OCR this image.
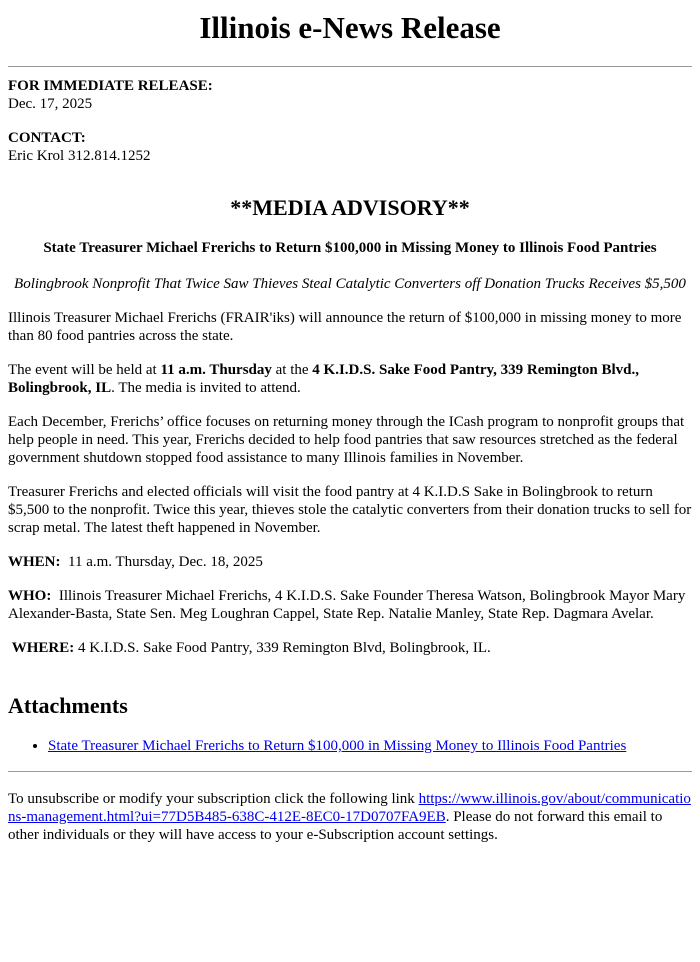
Illinois e-News Release

FOR IMMEDIATE RELEASE:
Dec. 17, 2025

CONTACT:
Eric Krol 312.814.1252

**MEDIA ADVISORY**
State Treasurer Michael Frerichs to Return $100,000 in Missing Money to Illinois Food Pantries

Bolingbrook Nonprofit That Twice Saw Thieves Steal Catalytic Converters off Donation Trucks Receives $5,500

Illinois Treasurer Michael Frerichs (FRAIR'iks) will announce the return of $100,000 in missing money to more than 80 food pantries across the state.

The event will be held at 11 a.m. Thursday at the 4 K.I.D.S. Sake Food Pantry, 339 Remington Blvd., Bolingbrook, IL. The media is invited to attend.

Each December, Frerichs’ office focuses on returning money through the ICash program to nonprofit groups that help people in need. This year, Frerichs decided to help food pantries that saw resources stretched as the federal government shutdown stopped food assistance to many Illinois families in November.

Treasurer Frerichs and elected officials will visit the food pantry at 4 K.I.D.S Sake in Bolingbrook to return $5,500 to the nonprofit. Twice this year, thieves stole the catalytic converters from their donation trucks to sell for scrap metal. The latest theft happened in November.

WHEN: 11 a.m. Thursday, Dec. 18, 2025

WHO: Illinois Treasurer Michael Frerichs, 4 K.I.D.S. Sake Founder Theresa Watson, Bolingbrook Mayor Mary Alexander-Basta, State Sen. Meg Loughran Cappel, State Rep. Natalie Manley, State Rep. Dagmara Avelar.

WHERE: 4 K.I.D.S. Sake Food Pantry, 339 Remington Blvd, Bolingbrook, IL.

Attachments
• State Treasurer Michael Frerichs to Return $100,000 in Missing Money to Illinois Food Pantries

To unsubscribe or modify your subscription click the following link https://www.illinois.gov/about/communications-management.html?ui=77D5B485-638C-412E-8EC0-17D0707FA9EB. Please do not forward this email to other individuals or they will have access to your e-Subscription account settings.
